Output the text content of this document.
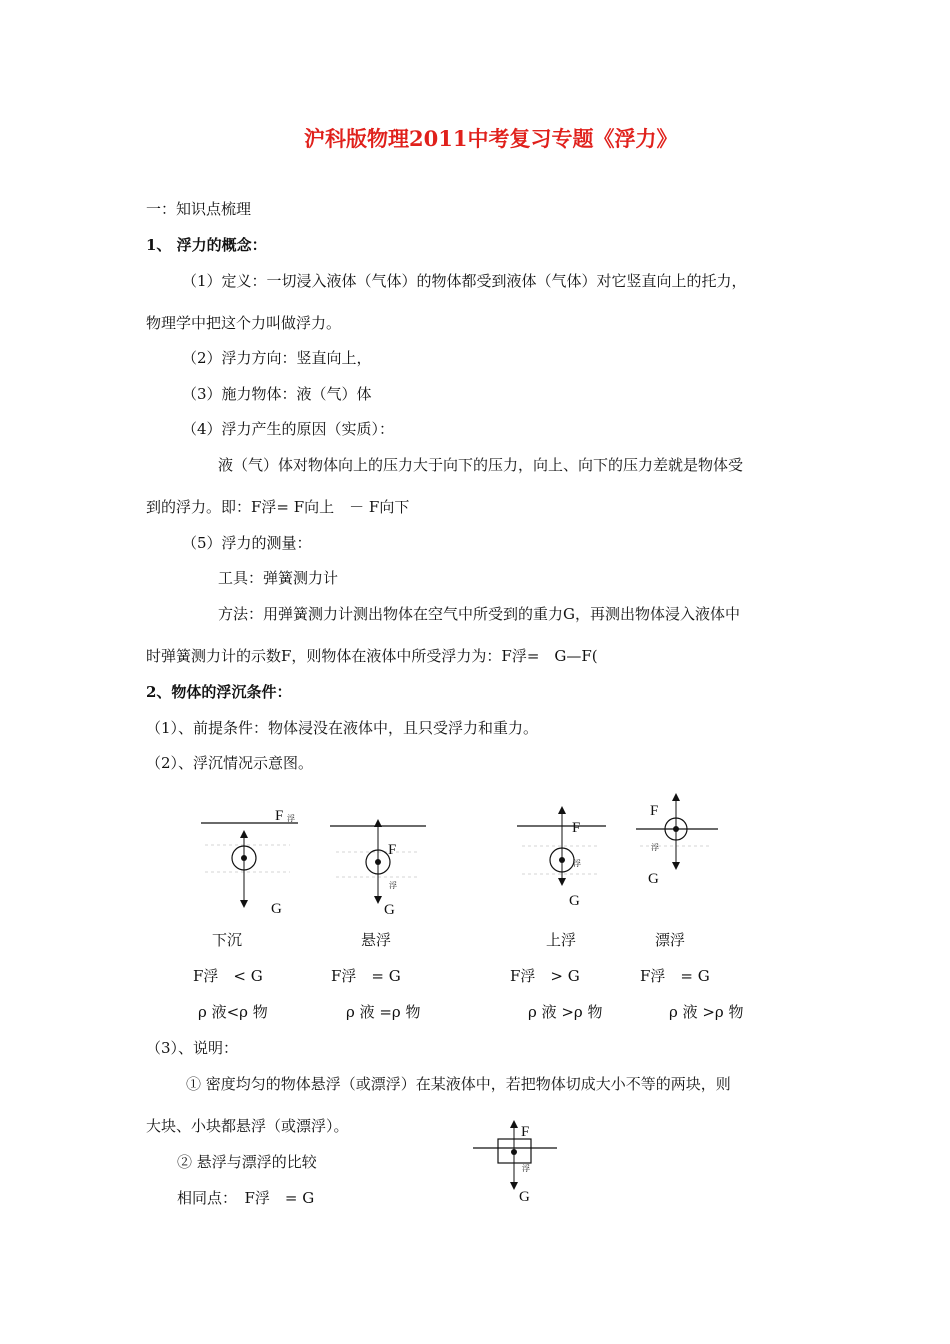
沪科版物理2011中考复习专题《浮力》
一：知识点梳理
1、 浮力的概念：
（1）定义：一切浸入液体（气体）的物体都受到液体（气体）对它竖直向上的托力，
物理学中把这个力叫做浮力。
（2）浮力方向：竖直向上，
（3）施力物体：液（气）体
（4）浮力产生的原因（实质）：
液（气）体对物体向上的压力大于向下的压力，向上、向下的压力差就是物体受
到的浮力。即：F浮= F向上　－ F向下
（5）浮力的测量：
工具：弹簧测力计
方法：用弹簧测力计测出物体在空气中所受到的重力G，再测出物体浸入液体中
时弹簧测力计的示数F，则物体在液体中所受浮力为：F浮=　G—F(
2、物体的浮沉条件：
（1）、前提条件：物体浸没在液体中，且只受浮力和重力。
（2）、浮沉情况示意图。
F 浮
G
F
浮
G
F
浮
G
F
浮
G
F
浮
G
下沉	悬浮	上浮	漂浮
F浮　< G	F浮　= G	F浮　> G	F浮　= G
ρ 液<ρ 物	ρ 液 =ρ 物	ρ 液 >ρ 物	ρ 液 >ρ 物
（3）、说明：
① 密度均匀的物体悬浮（或漂浮）在某液体中，若把物体切成大小不等的两块，则
大块、小块都悬浮（或漂浮）。
② 悬浮与漂浮的比较
相同点：　F浮　= G
